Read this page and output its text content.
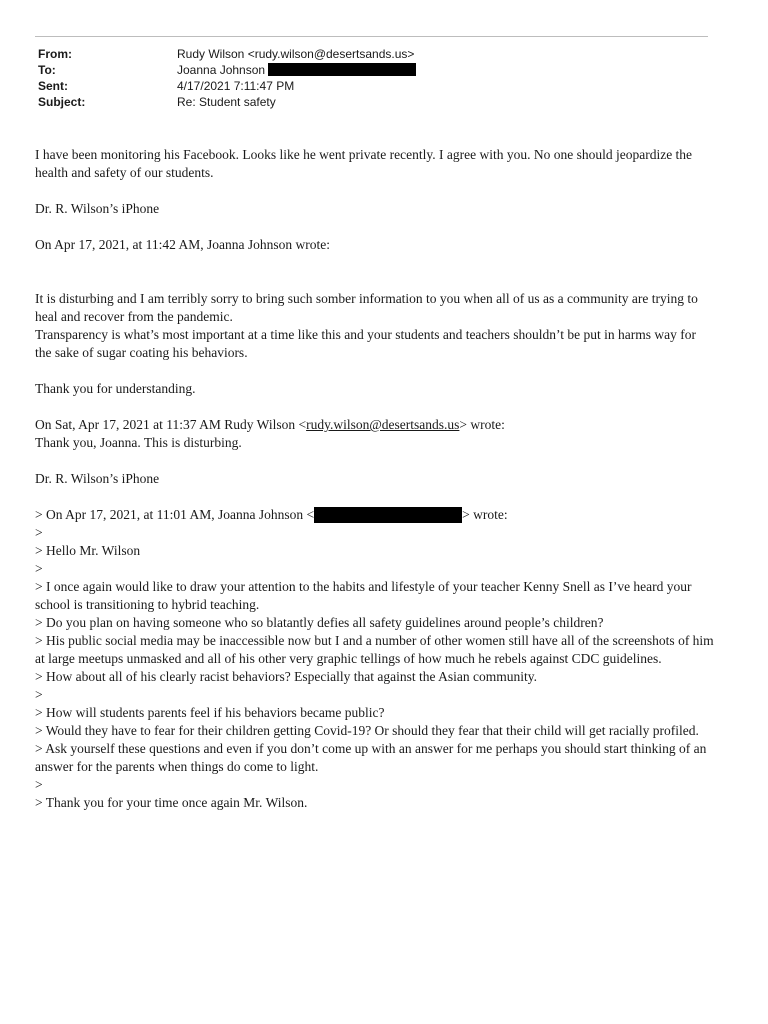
From:	Rudy Wilson <rudy.wilson@desertsands.us>
To:	Joanna Johnson
Sent:	4/17/2021 7:11:47 PM
Subject:	Re: Student safety

I have been monitoring his Facebook. Looks like he went private recently. I agree with you. No one should jeopardize the health and safety of our students.

Dr. R. Wilson’s iPhone

On Apr 17, 2021, at 11:42 AM, Joanna Johnson wrote:

It is disturbing and I am terribly sorry to bring such somber information to you when all of us as a community are trying to heal and recover from the pandemic.

Transparency is what’s most important at a time like this and your students and teachers shouldn’t be put in harms way for the sake of sugar coating his behaviors.

Thank you for understanding.

On Sat, Apr 17, 2021 at 11:37 AM Rudy Wilson <rudy.wilson@desertsands.us> wrote:

Thank you, Joanna. This is disturbing.

Dr. R. Wilson’s iPhone

> On Apr 17, 2021, at 11:01 AM, Joanna Johnson <	> wrote:

>

> Hello Mr. Wilson

>

> I once again would like to draw your attention to the habits and lifestyle of your teacher Kenny Snell as I’ve heard your school is transitioning to hybrid teaching.

> Do you plan on having someone who so blatantly defies all safety guidelines around people’s children?

> His public social media may be inaccessible now but I and a number of other women still have all of the screenshots of him at large meetups unmasked and all of his other very graphic tellings of how much he rebels against CDC guidelines.

> How about all of his clearly racist behaviors? Especially that against the Asian community.

>

> How will students parents feel if his behaviors became public?

> Would they have to fear for their children getting Covid-19? Or should they fear that their child will get racially profiled.

> Ask yourself these questions and even if you don’t come up with an answer for me perhaps you should start thinking of an answer for the parents when things do come to light.

>

> Thank you for your time once again Mr. Wilson.
